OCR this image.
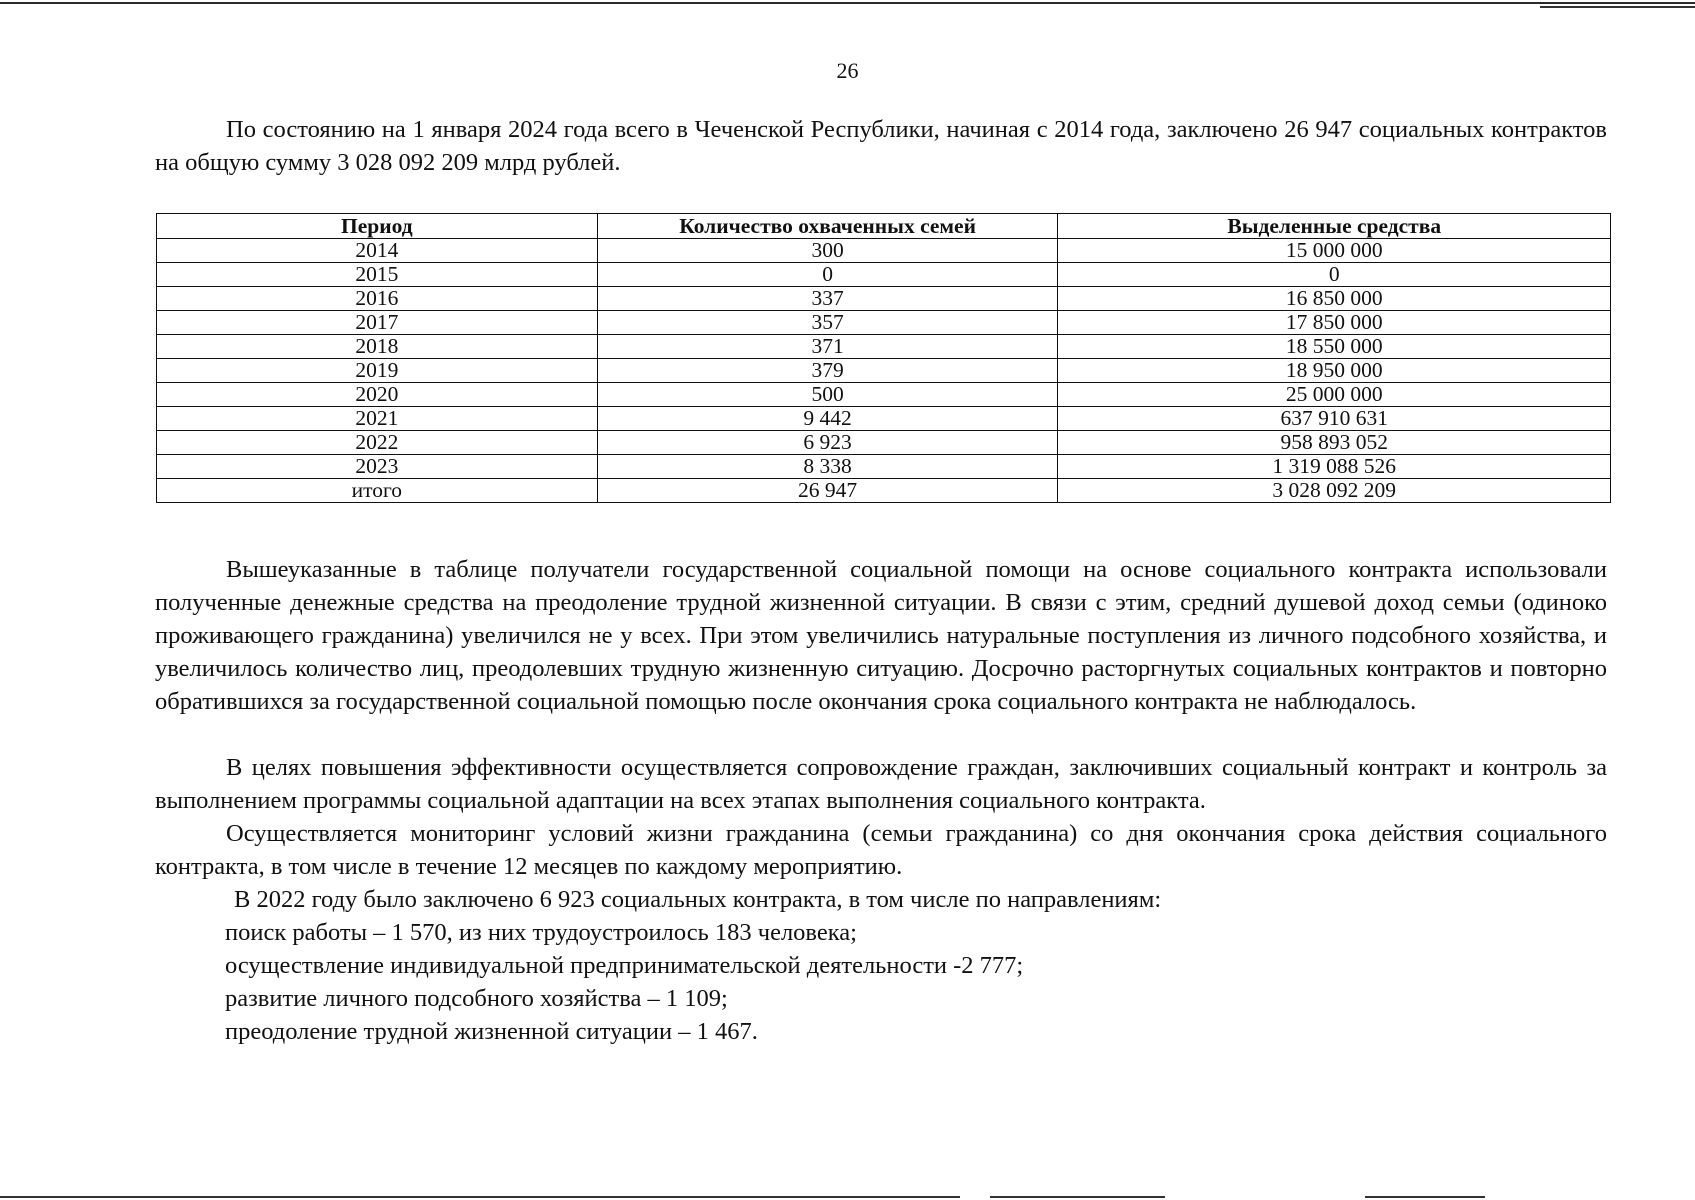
26

По состоянию на 1 января 2024 года всего в Чеченской Республики, начиная с 2014 года, заключено 26 947 социальных контрактов на общую сумму 3 028 092 209 млрд рублей.

Период	Количество охваченных семей	Выделенные средства
2014	300	15 000 000
2015	0	0
2016	337	16 850 000
2017	357	17 850 000
2018	371	18 550 000
2019	379	18 950 000
2020	500	25 000 000
2021	9 442	637 910 631
2022	6 923	958 893 052
2023	8 338	1 319 088 526
итого	26 947	3 028 092 209

Вышеуказанные в таблице получатели государственной социальной помощи на основе социального контракта использовали полученные денежные средства на преодоление трудной жизненной ситуации. В связи с этим, средний душевой доход семьи (одиноко проживающего гражданина) увеличился не у всех. При этом увеличились натуральные поступления из личного подсобного хозяйства, и увеличилось количество лиц, преодолевших трудную жизненную ситуацию. Досрочно расторгнутых социальных контрактов и повторно обратившихся за государственной социальной помощью после окончания срока социального контракта не наблюдалось.

В целях повышения эффективности осуществляется сопровождение граждан, заключивших социальный контракт и контроль за выполнением программы социальной адаптации на всех этапах выполнения социального контракта.

Осуществляется мониторинг условий жизни гражданина (семьи гражданина) со дня окончания срока действия социального контракта, в том числе в течение 12 месяцев по каждому мероприятию.

В 2022 году было заключено 6 923 социальных контракта, в том числе по направлениям:

поиск работы – 1 570, из них трудоустроилось 183 человека;

осуществление индивидуальной предпринимательской деятельности -2 777;

развитие личного подсобного хозяйства – 1 109;

преодоление трудной жизненной ситуации – 1 467.
